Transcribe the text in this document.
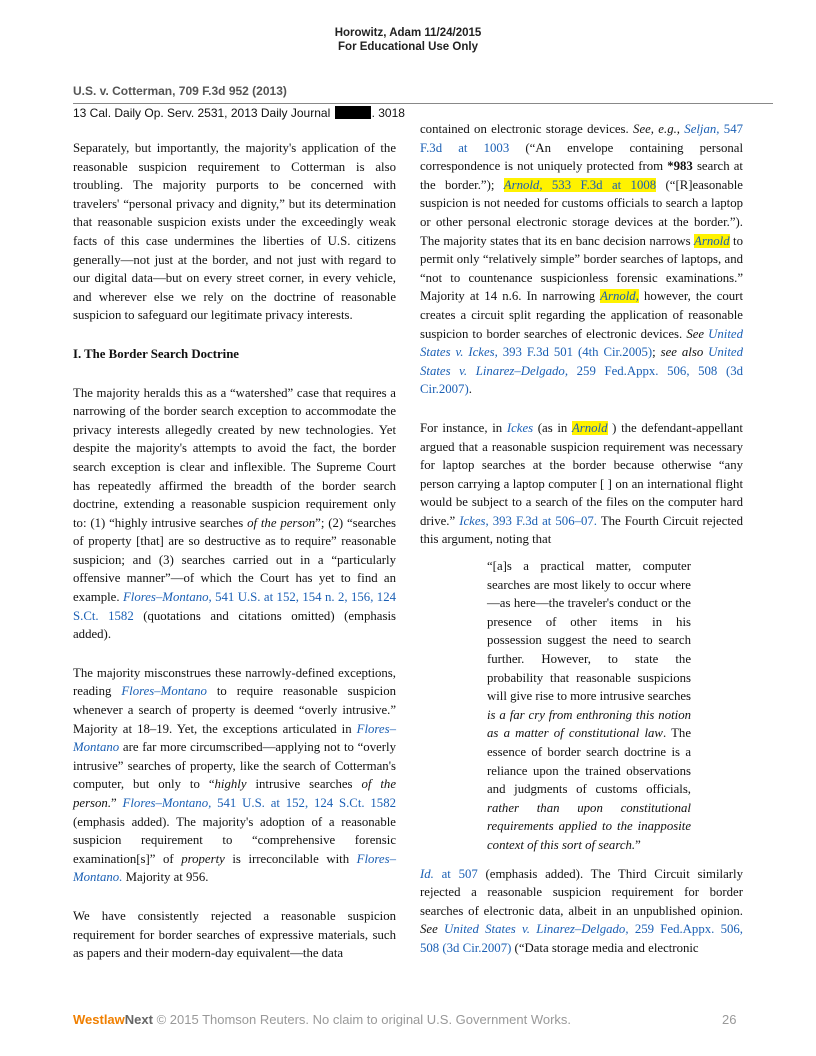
Horowitz, Adam 11/24/2015
For Educational Use Only
U.S. v. Cotterman, 709 F.3d 952 (2013)
13 Cal. Daily Op. Serv. 2531, 2013 Daily Journal	. 3018

Separately, but importantly, the majority's application of the reasonable suspicion requirement to Cotterman is also troubling. The majority purports to be concerned with travelers' “personal privacy and dignity,” but its determination that reasonable suspicion exists under the exceedingly weak facts of this case undermines the liberties of U.S. citizens generally—not just at the border, and not just with regard to our digital data—but on every street corner, in every vehicle, and wherever else we rely on the doctrine of reasonable suspicion to safeguard our legitimate privacy interests.

I. The Border Search Doctrine

The majority heralds this as a “watershed” case that requires a narrowing of the border search exception to accommodate the privacy interests allegedly created by new technologies. Yet despite the majority's attempts to avoid the fact, the border search exception is clear and inflexible. The Supreme Court has repeatedly affirmed the breadth of the border search doctrine, extending a reasonable suspicion requirement only to: (1) “highly intrusive searches of the person”; (2) “searches of property [that] are so destructive as to require” reasonable suspicion; and (3) searches carried out in a “particularly offensive manner”—of which the Court has yet to find an example. Flores–Montano, 541 U.S. at 152, 154 n. 2, 156, 124 S.Ct. 1582 (quotations and citations omitted) (emphasis added).

The majority misconstrues these narrowly-defined exceptions, reading Flores–Montano to require reasonable suspicion whenever a search of property is deemed “overly intrusive.” Majority at 18–19. Yet, the exceptions articulated in Flores–Montano are far more circumscribed—applying not to “overly intrusive” searches of property, like the search of Cotterman's computer, but only to “highly intrusive searches of the person.” Flores–Montano, 541 U.S. at 152, 124 S.Ct. 1582 (emphasis added). The majority's adoption of a reasonable suspicion requirement to “comprehensive forensic examination[s]” of property is irreconcilable with Flores–Montano. Majority at 956.

We have consistently rejected a reasonable suspicion requirement for border searches of expressive materials, such as papers and their modern-day equivalent—the data

contained on electronic storage devices. See, e.g., Seljan, 547 F.3d at 1003 (“An envelope containing personal correspondence is not uniquely protected from *983 search at the border.”); Arnold, 533 F.3d at 1008 (“[R]easonable suspicion is not needed for customs officials to search a laptop or other personal electronic storage devices at the border.”). The majority states that its en banc decision narrows Arnold to permit only “relatively simple” border searches of laptops, and “not to countenance suspicionless forensic examinations.” Majority at 14 n.6. In narrowing Arnold, however, the court creates a circuit split regarding the application of reasonable suspicion to border searches of electronic devices. See United States v. Ickes, 393 F.3d 501 (4th Cir.2005); see also United States v. Linarez–Delgado, 259 Fed.Appx. 506, 508 (3d Cir.2007).

For instance, in Ickes (as in Arnold ) the defendant-appellant argued that a reasonable suspicion requirement was necessary for laptop searches at the border because otherwise “any person carrying a laptop computer [ ] on an international flight would be subject to a search of the files on the computer hard drive.” Ickes, 393 F.3d at 506–07. The Fourth Circuit rejected this argument, noting that

“[a]s a practical matter, computer searches are most likely to occur where —as here—the traveler's conduct or the presence of other items in his possession suggest the need to search further. However, to state the probability that reasonable suspicions will give rise to more intrusive searches is a far cry from enthroning this notion as a matter of constitutional law. The essence of border search doctrine is a reliance upon the trained observations and judgments of customs officials, rather than upon constitutional requirements applied to the inapposite context of this sort of search.”

Id. at 507 (emphasis added). The Third Circuit similarly rejected a reasonable suspicion requirement for border searches of electronic data, albeit in an unpublished opinion. See United States v. Linarez–Delgado, 259 Fed.Appx. 506, 508 (3d Cir.2007) (“Data storage media and electronic

WestlawNext © 2015 Thomson Reuters. No claim to original U.S. Government Works.	26
